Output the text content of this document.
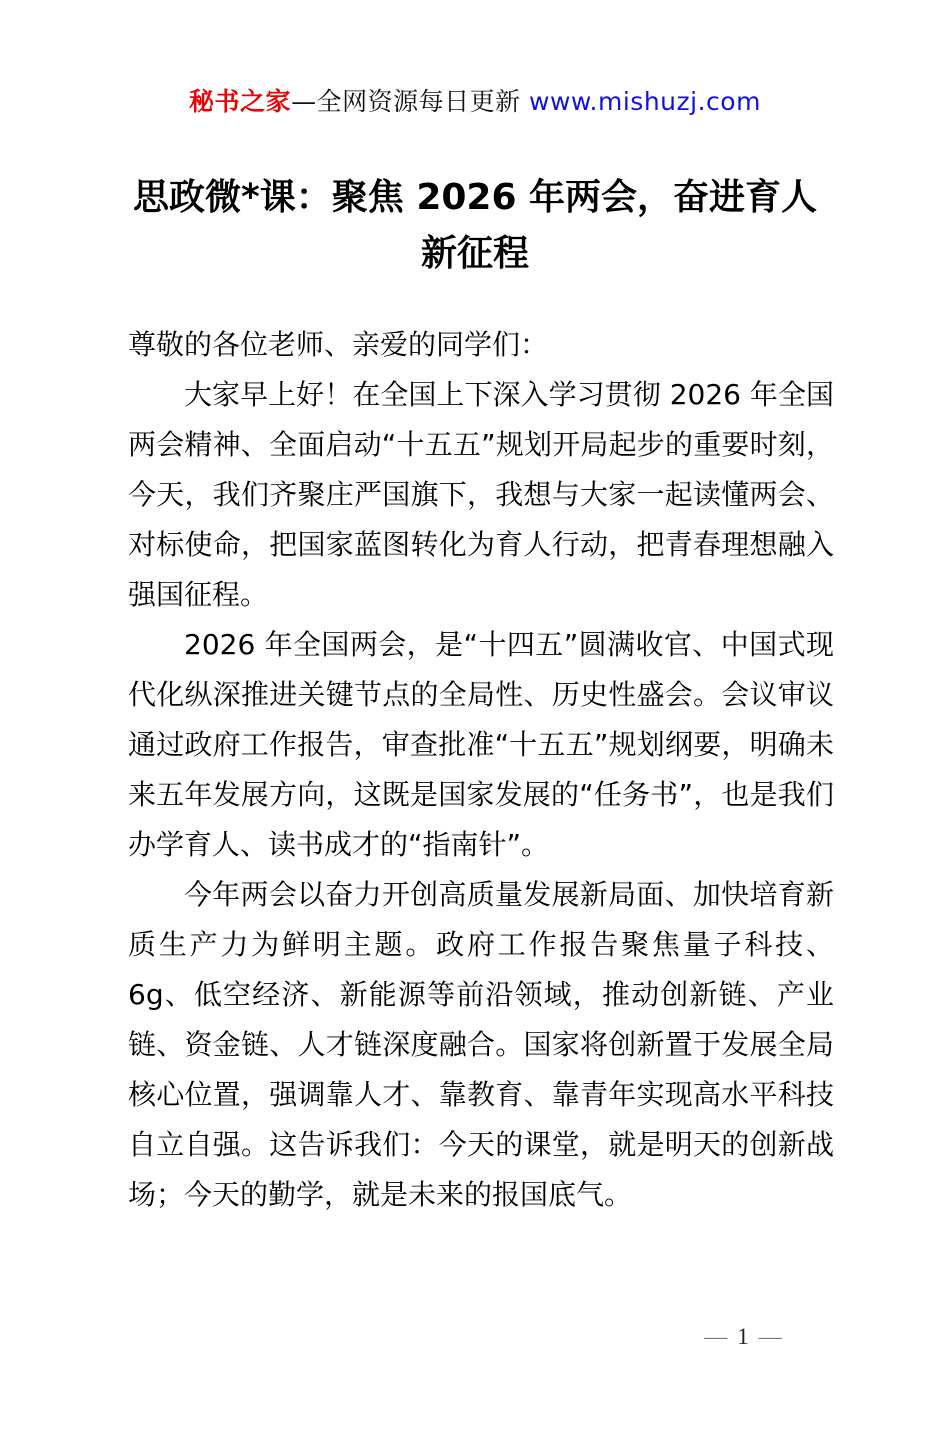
秘书之家—全网资源每日更新 www.mishuzj.com
思政微*课：聚焦 2026 年两会，奋进育人
新征程

尊敬的各位老师、亲爱的同学们：

大家早上好！在全国上下深入学习贯彻 2026 年全国两会精神、全面启动“十五五”规划开局起步的重要时刻，今天，我们齐聚庄严国旗下，我想与大家一起读懂两会、对标使命，把国家蓝图转化为育人行动，把青春理想融入强国征程。

2026 年全国两会，是“十四五”圆满收官、中国式现代化纵深推进关键节点的全局性、历史性盛会。会议审议通过政府工作报告，审查批准“十五五”规划纲要，明确未来五年发展方向，这既是国家发展的“任务书”，也是我们办学育人、读书成才的“指南针”。

今年两会以奋力开创高质量发展新局面、加快培育新质生产力为鲜明主题。政府工作报告聚焦量子科技、6g、低空经济、新能源等前沿领域，推动创新链、产业链、资金链、人才链深度融合。国家将创新置于发展全局核心位置，强调靠人才、靠教育、靠青年实现高水平科技自立自强。这告诉我们：今天的课堂，就是明天的创新战场；今天的勤学，就是未来的报国底气。

— 1 —
